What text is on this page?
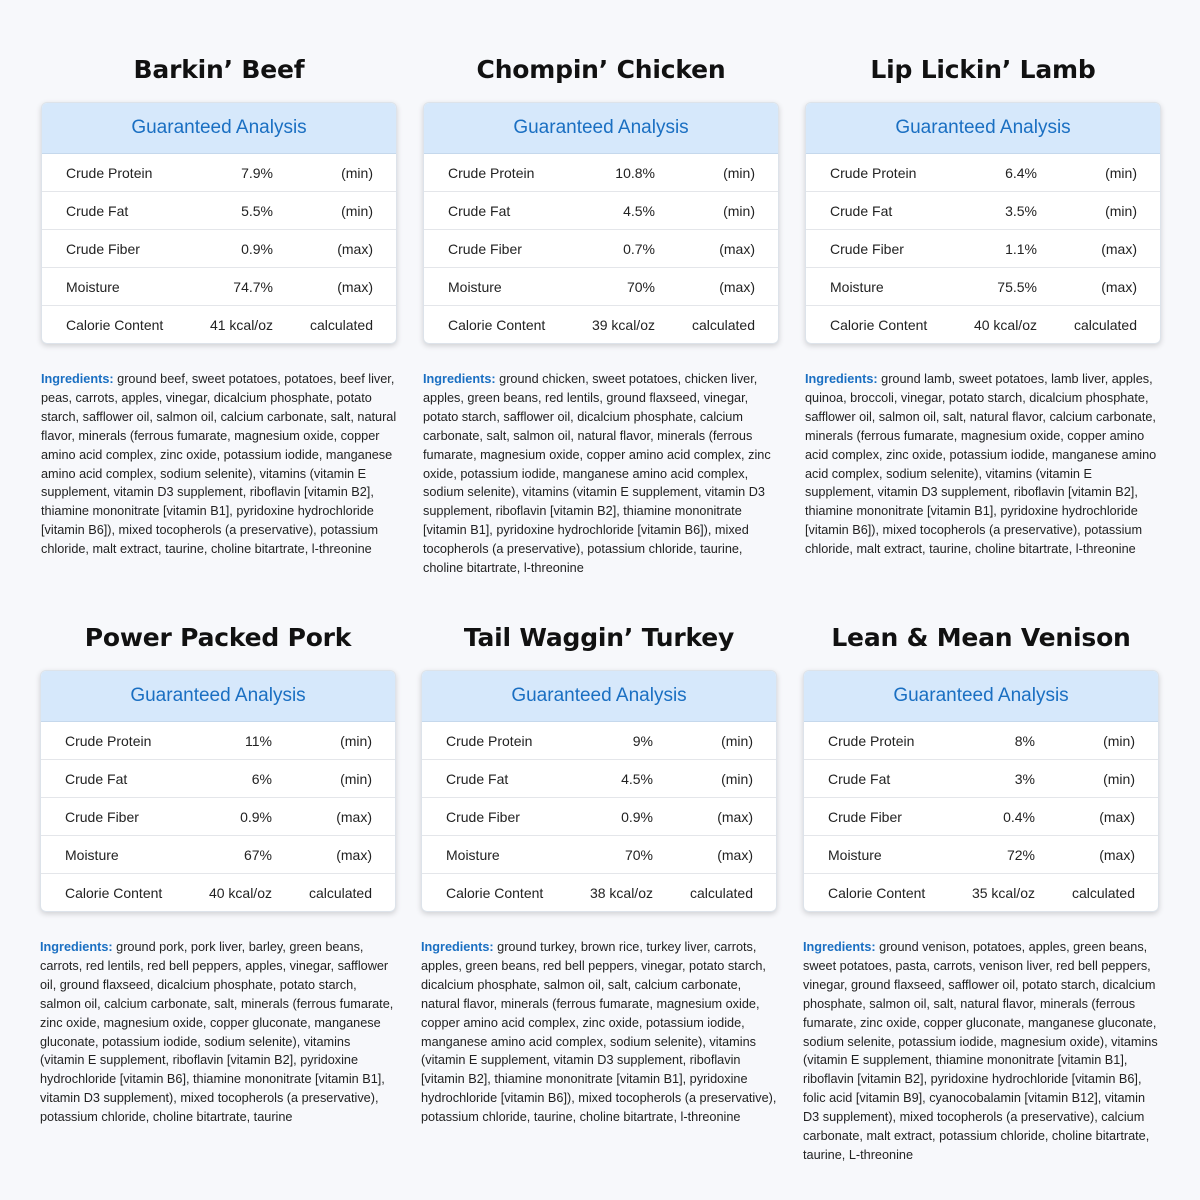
Barkin’ Beef
Guaranteed Analysis
Crude Protein	7.9%	(min)
Crude Fat	5.5%	(min)
Crude Fiber	0.9%	(max)
Moisture	74.7%	(max)
Calorie Content	41 kcal/oz	calculated

Ingredients: ground beef, sweet potatoes, potatoes, beef liver, peas, carrots, apples, vinegar, dicalcium phosphate, potato starch, safflower oil, salmon oil, calcium carbonate, salt, natural flavor, minerals (ferrous fumarate, magnesium oxide, copper amino acid complex, zinc oxide, potassium iodide, manganese amino acid complex, sodium selenite), vitamins (vitamin E supplement, vitamin D3 supplement, riboflavin [vitamin B2], thiamine mononitrate [vitamin B1], pyridoxine hydrochloride [vitamin B6]), mixed tocopherols (a preservative), potassium chloride, malt extract, taurine, choline bitartrate, l-threonine

Chompin’ Chicken
Guaranteed Analysis
Crude Protein	10.8%	(min)
Crude Fat	4.5%	(min)
Crude Fiber	0.7%	(max)
Moisture	70%	(max)
Calorie Content	39 kcal/oz	calculated

Ingredients: ground chicken, sweet potatoes, chicken liver, apples, green beans, red lentils, ground flaxseed, vinegar, potato starch, safflower oil, dicalcium phosphate, calcium carbonate, salt, salmon oil, natural flavor, minerals (ferrous fumarate, magnesium oxide, copper amino acid complex, zinc oxide, potassium iodide, manganese amino acid complex, sodium selenite), vitamins (vitamin E supplement, vitamin D3 supplement, riboflavin [vitamin B2], thiamine mononitrate [vitamin B1], pyridoxine hydrochloride [vitamin B6]), mixed tocopherols (a preservative), potassium chloride, taurine, choline bitartrate, l-threonine

Lip Lickin’ Lamb
Guaranteed Analysis
Crude Protein	6.4%	(min)
Crude Fat	3.5%	(min)
Crude Fiber	1.1%	(max)
Moisture	75.5%	(max)
Calorie Content	40 kcal/oz	calculated

Ingredients: ground lamb, sweet potatoes, lamb liver, apples, quinoa, broccoli, vinegar, potato starch, dicalcium phosphate, safflower oil, salmon oil, salt, natural flavor, calcium carbonate, minerals (ferrous fumarate, magnesium oxide, copper amino acid complex, zinc oxide, potassium iodide, manganese amino acid complex, sodium selenite), vitamins (vitamin E supplement, vitamin D3 supplement, riboflavin [vitamin B2], thiamine mononitrate [vitamin B1], pyridoxine hydrochloride [vitamin B6]), mixed tocopherols (a preservative), potassium chloride, malt extract, taurine, choline bitartrate, l-threonine

Power Packed Pork
Guaranteed Analysis
Crude Protein	11%	(min)
Crude Fat	6%	(min)
Crude Fiber	0.9%	(max)
Moisture	67%	(max)
Calorie Content	40 kcal/oz	calculated

Ingredients: ground pork, pork liver, barley, green beans, carrots, red lentils, red bell peppers, apples, vinegar, safflower oil, ground flaxseed, dicalcium phosphate, potato starch, salmon oil, calcium carbonate, salt, minerals (ferrous fumarate, zinc oxide, magnesium oxide, copper gluconate, manganese gluconate, potassium iodide, sodium selenite), vitamins (vitamin E supplement, riboflavin [vitamin B2], pyridoxine hydrochloride [vitamin B6], thiamine mononitrate [vitamin B1], vitamin D3 supplement), mixed tocopherols (a preservative), potassium chloride, choline bitartrate, taurine

Tail Waggin’ Turkey
Guaranteed Analysis
Crude Protein	9%	(min)
Crude Fat	4.5%	(min)
Crude Fiber	0.9%	(max)
Moisture	70%	(max)
Calorie Content	38 kcal/oz	calculated

Ingredients: ground turkey, brown rice, turkey liver, carrots, apples, green beans, red bell peppers, vinegar, potato starch, dicalcium phosphate, salmon oil, salt, calcium carbonate, natural flavor, minerals (ferrous fumarate, magnesium oxide, copper amino acid complex, zinc oxide, potassium iodide, manganese amino acid complex, sodium selenite), vitamins (vitamin E supplement, vitamin D3 supplement, riboflavin [vitamin B2], thiamine mononitrate [vitamin B1], pyridoxine hydrochloride [vitamin B6]), mixed tocopherols (a preservative), potassium chloride, taurine, choline bitartrate, l-threonine

Lean & Mean Venison
Guaranteed Analysis
Crude Protein	8%	(min)
Crude Fat	3%	(min)
Crude Fiber	0.4%	(max)
Moisture	72%	(max)
Calorie Content	35 kcal/oz	calculated

Ingredients: ground venison, potatoes, apples, green beans, sweet potatoes, pasta, carrots, venison liver, red bell peppers, vinegar, ground flaxseed, safflower oil, potato starch, dicalcium phosphate, salmon oil, salt, natural flavor, minerals (ferrous fumarate, zinc oxide, copper gluconate, manganese gluconate, sodium selenite, potassium iodide, magnesium oxide), vitamins (vitamin E supplement, thiamine mononitrate [vitamin B1], riboflavin [vitamin B2], pyridoxine hydrochloride [vitamin B6], folic acid [vitamin B9], cyanocobalamin [vitamin B12], vitamin D3 supplement), mixed tocopherols (a preservative), calcium carbonate, malt extract, potassium chloride, choline bitartrate, taurine, L-threonine
